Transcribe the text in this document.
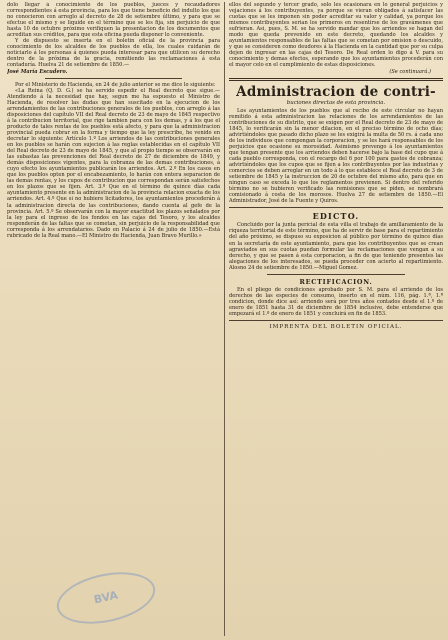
dolo llegar á conocimiento de los pueblos, jueces y recaudadores correspondientes á esta provincia, para los que tiene beneficio del indulto los que no conocieron con arreglo al decreto de 28 de setiembre último, y para que se efectue el mismo y se liquide en el término que se les fija, sin perjuicio de que hasta 10 de octubre próximo verifiquen la presentacion de los documentos que acreditan sus créditos, para que esta oficina pueda disponer lo conveniente.

Y de dispuesto se inserta en el boletin oficial de la provincia para conocimiento de los alcaldes de los pueblos de ella, los cuales cuidarán de noticiarlo á los personas á quienes pueda interesar para que utilicen su derecho dentro de la próxima de la gracia, remitiendo las reclamaciones á esta contaduría. Huelva 21 de setiembre de 1850.—

José María Escudero.

Por el Ministerio de Hacienda, en 24 de julio anterior se me dice lo siguiente:

«La Reina (Q. D. G.) se ha servido espedir el Real decreto que sigue.—Atendiendo á la necesidad que hay, segun me ha espuesto el Ministro de Hacienda, de resolver las dudas que han suscitado en la ejecucion de los arrendamientos de las contribuciones generales de los pueblos, con arreglo á las disposiciones del capítulo VII del Real decreto de 23 de mayo de 1845 respectivo á la contribucion territorial, que rige tambien para con los demas, y á los que el producto de tales rentas de los pueblos está afecto, y para que la administracion provincial pueda cobrar en la forma y tiempo que la ley prescribe, he venido en decretar lo siguiente: Artículo 1.º Los arriendos de las contribuciones generales en los pueblos se harán con sujecion á las reglas establecidas en el capítulo VII del Real decreto de 23 de mayo de 1845, y que al propio tiempo se observarán en las subastas las prevenciones del Real decreto de 27 de diciembre de 1849, y demás disposiciones vigentes, para la cobranza de las demas contribuciones, á cuyo efecto los ayuntamientos publicarán los arriendos. Art. 2.º En los casos en que los pueblos opten por el encabezamiento, lo harán con entera separacion de las demás rentas, y los cupos de contribucion que correspondan serán satisfechos en los plazos que se fijen. Art. 3.º Que en el término de quince días cada ayuntamiento presente en la administracion de la provincia relacion exacta de los arriendos. Art. 4.º Que si no hubiere licitadores, los ayuntamientos procederán á la administracion directa de las contribuciones, dando cuenta al gefe de la provincia. Art. 5.º Se observarán con la mayor exactitud los plazos señalados por la ley para el ingreso de los fondos en las cajas del Tesoro, y los alcaldes responderán de las faltas que se cometan, sin perjuicio de la responsabilidad que corresponda á los arrendatarios. Dado en Palacio á 24 de julio de 1850.—Está rubricado de la Real mano.—El Ministro de Hacienda, Juan Bravo Murillo.»

ellos del segundo y tercer grado, solo les ocasionara en lo general perjuicios y vejaciones á los contribuyentes, ya porque se vieran obligados á satisfacer las cuotas que se les imponen sin poder acreditar su valor y calidad, ya porque los mismos contribuyentes serian los primeros en resentirse de los gravámenes que sufrieran. Asi, pues, S. M. se ha servido mandar que los arriendos se hagan del modo que queda prevenido en este decreto, quedando los alcaldes y ayuntamientos responsables de las faltas que se cometan por omision o descuido, y que se consideren como deudores á la Hacienda en la cantidad que por su culpa dejen de ingresar en las cajas del Tesoro. De Real orden lo digo á V. para su conocimiento y demas efectos, esperando que los ayuntamientos procederán con el mayor celo en el cumplimiento de estas disposiciones.

(Se continuará.)

Administracion de contri-

buciones directas de esta provincia.

Los ayuntamientos de los pueblos que al recibo de este circular no hayan remitido á esta administracion las relaciones de los arrendamientos de las contribuciones de su distrito, que se exigen por el Real decreto de 23 de mayo de 1845, lo verificarán sin la menor dilacion, en el preciso término de ocho días; advirtiéndoles que pasado dicho plazo se les exigirá la multa de 50 rs. á cada uno de los individuos que compongan la corporacion, y se les hará responsables de los perjuicios que ocasione su morosidad. Asimismo prevengo á los ayuntamientos que tengan presente que los arriendos deben hacerse bajo la base del cupo que á cada pueblo corresponda, con el recargo del 6 por 100 para gastos de cobranza; advirtiéndoles que los cupos que se fijen a los contribuyentes por las industrias y comercios se deben arreglar en un todo á lo que establece el Real decreto de 3 de setiembre de 1845 y la instruccion de 20 de octubre del mismo año, para que en ningun caso se exceda lo que los reglamentos previenen. Si dentro del referido término no se hubieren verificado las remisiones que se piden, se nombrará comisionado á costa de los morosos. Huelva 27 de setiembre de 1850.—El Administrador, José de la Fuente y Quiros.

EDICTO.

Concluido por la junta pericial de esta villa el trabajo de amillaramiento de la riqueza territorial de este término, que ha de servir de base para el repartimiento del año próximo, se dispuso su exposicion al público por término de quince días en la secretaría de este ayuntamiento, para que los contribuyentes que se crean agraviados en sus cuotas puedan formular las reclamaciones que vengan a su derecho, y que se pasen á esta corporacion, a fin de que teniendo presentes las alegaciones de los interesados, se pueda proceder con acierto al repartimiento. Alosno 24 de setiembre de 1850.—Miguel Gomez.

RECTIFICACION.

En el pliego de condiciones aprobado por S. M. para el arriendo de los derechos de las especies de consumo, inserto en el núm. 116, pág. 1.ª, 1.ª condicion, donde dice así: arriendo será por tres años contados desde el 1.º de enero de 1851 hasta 31 de diciembre de 1854 inclusive, debe entenderse que empezará el 1.º de enero de 1851 y concluirá en fin de 1853.

IMPRENTA DEL BOLETIN OFICIAL.

BVA
